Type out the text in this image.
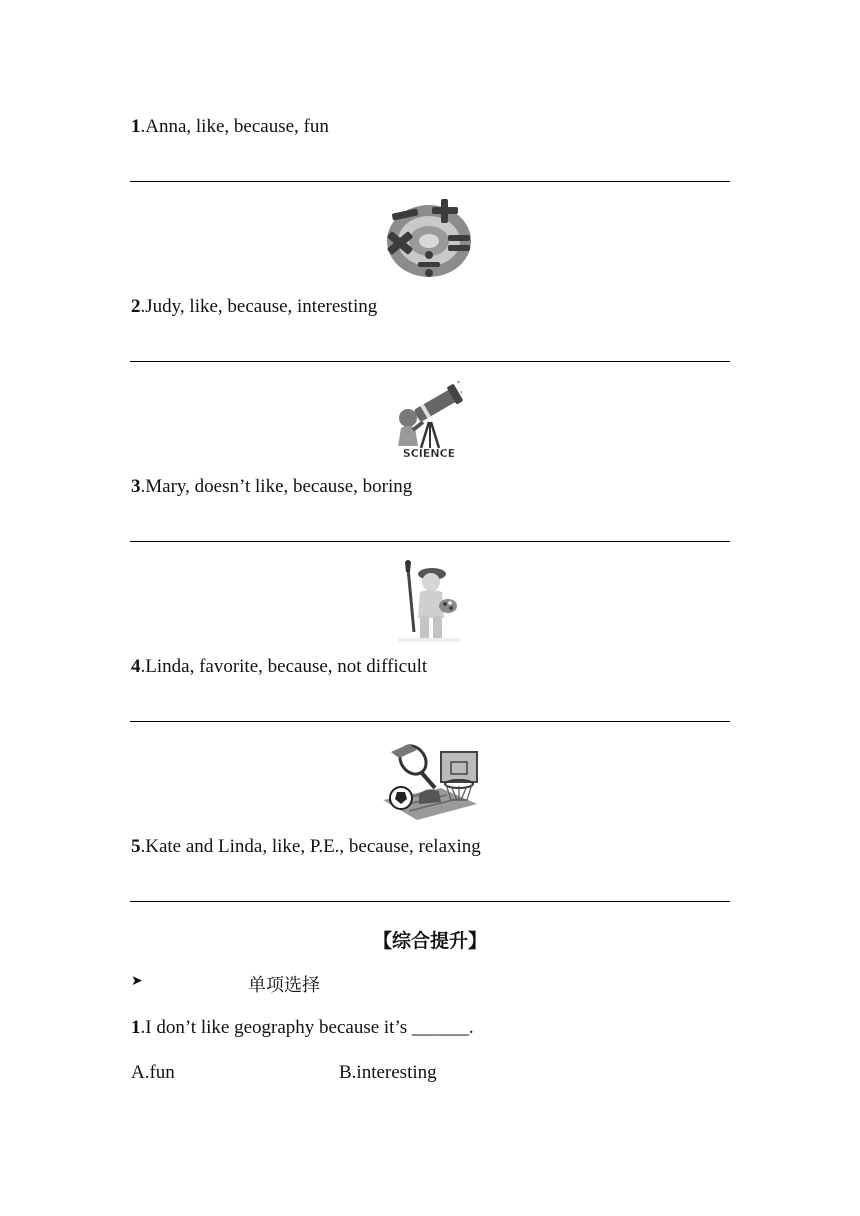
1.Anna, like, because, fun
2.Judy, like, because, interesting
*
*
SCIENCE
3.Mary, doesn’t like, because, boring
4.Linda, favorite, because, not difficult
5.Kate and Linda, like, P.E., because, relaxing
【综合提升】
➤	单项选择
1.I don’t like geography because it’s ______.
A.fun	B.interesting
